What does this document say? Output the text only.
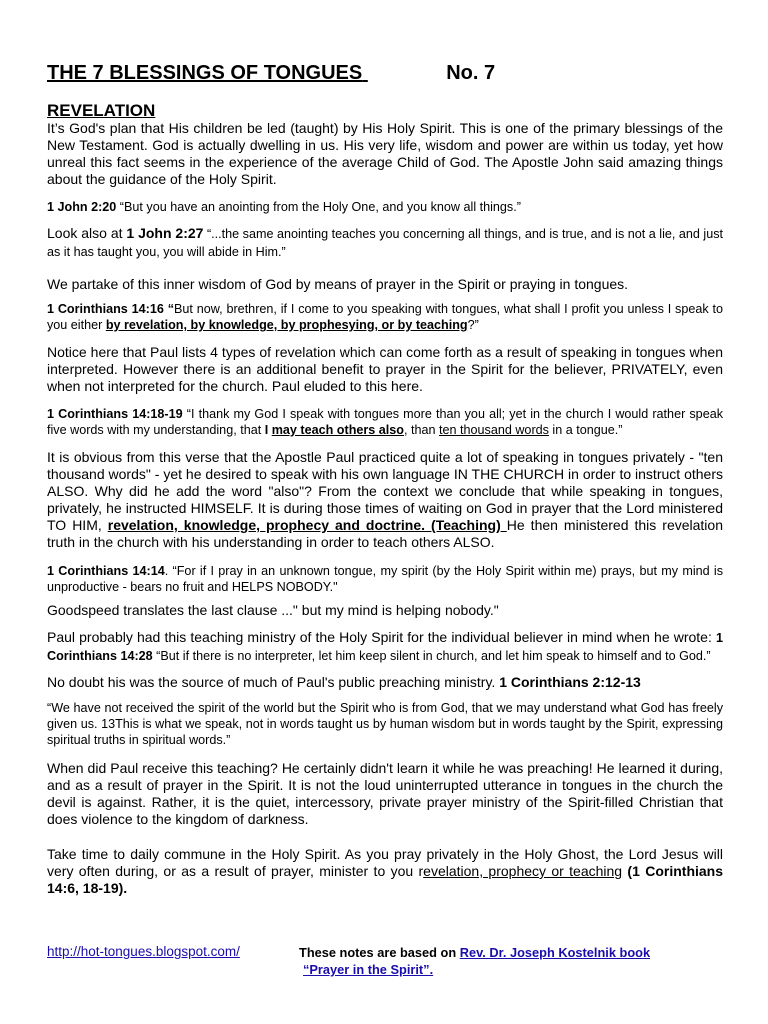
THE 7 BLESSINGS OF TONGUES	No. 7
REVELATION

It’s God's plan that His children be led (taught) by His Holy Spirit. This is one of the primary blessings of the New Testament. God is actually dwelling in us. His very life, wisdom and power are within us today, yet how unreal this fact seems in the experience of the average Child of God. The Apostle John said amazing things about the guidance of the Holy Spirit.

1 John 2:20 “But you have an anointing from the Holy One, and you know all things.”

Look also at 1 John 2:27 “...the same anointing teaches you concerning all things, and is true, and is not a lie, and just as it has taught you, you will abide in Him.”

We partake of this inner wisdom of God by means of prayer in the Spirit or praying in tongues.

1 Corinthians 14:16 “But now, brethren, if I come to you speaking with tongues, what shall I profit you unless I speak to you either by revelation, by knowledge, by prophesying, or by teaching?”

Notice here that Paul lists 4 types of revelation which can come forth as a result of speaking in tongues when interpreted. However there is an additional benefit to prayer in the Spirit for the believer, PRIVATELY, even when not interpreted for the church. Paul eluded to this here.

1 Corinthians 14:18-19 “I thank my God I speak with tongues more than you all; yet in the church I would rather speak five words with my understanding, that I may teach others also, than ten thousand words in a tongue.”

It is obvious from this verse that the Apostle Paul practiced quite a lot of speaking in tongues privately - "ten thousand words" - yet he desired to speak with his own language IN THE CHURCH in order to instruct others ALSO. Why did he add the word "also"? From the context we conclude that while speaking in tongues, privately, he instructed HIMSELF. It is during those times of waiting on God in prayer that the Lord ministered TO HIM, revelation, knowledge, prophecy and doctrine. (Teaching) He then ministered this revelation truth in the church with his understanding in order to teach others ALSO.

1 Corinthians 14:14. “For if I pray in an unknown tongue, my spirit (by the Holy Spirit within me) prays, but my mind is unproductive - bears no fruit and HELPS NOBODY."

Goodspeed translates the last clause ..." but my mind is helping nobody."

Paul probably had this teaching ministry of the Holy Spirit for the individual believer in mind when he wrote: 1 Corinthians 14:28 “But if there is no interpreter, let him keep silent in church, and let him speak to himself and to God.”

No doubt his was the source of much of Paul's public preaching ministry. 1 Corinthians 2:12-13

“We have not received the spirit of the world but the Spirit who is from God, that we may understand what God has freely given us. 13This is what we speak, not in words taught us by human wisdom but in words taught by the Spirit, expressing spiritual truths in spiritual words.”

When did Paul receive this teaching? He certainly didn't learn it while he was preaching! He learned it during, and as a result of prayer in the Spirit. It is not the loud uninterrupted utterance in tongues in the church the devil is against. Rather, it is the quiet, intercessory, private prayer ministry of the Spirit-filled Christian that does violence to the kingdom of darkness.

Take time to daily commune in the Holy Spirit. As you pray privately in the Holy Ghost, the Lord Jesus will very often during, or as a result of prayer, minister to you revelation, prophecy or teaching (1 Corinthians 14:6, 18-19).

http://hot-tongues.blogspot.com/	These notes are based on Rev. Dr. Joseph Kostelnik book
“Prayer in the Spirit”.
